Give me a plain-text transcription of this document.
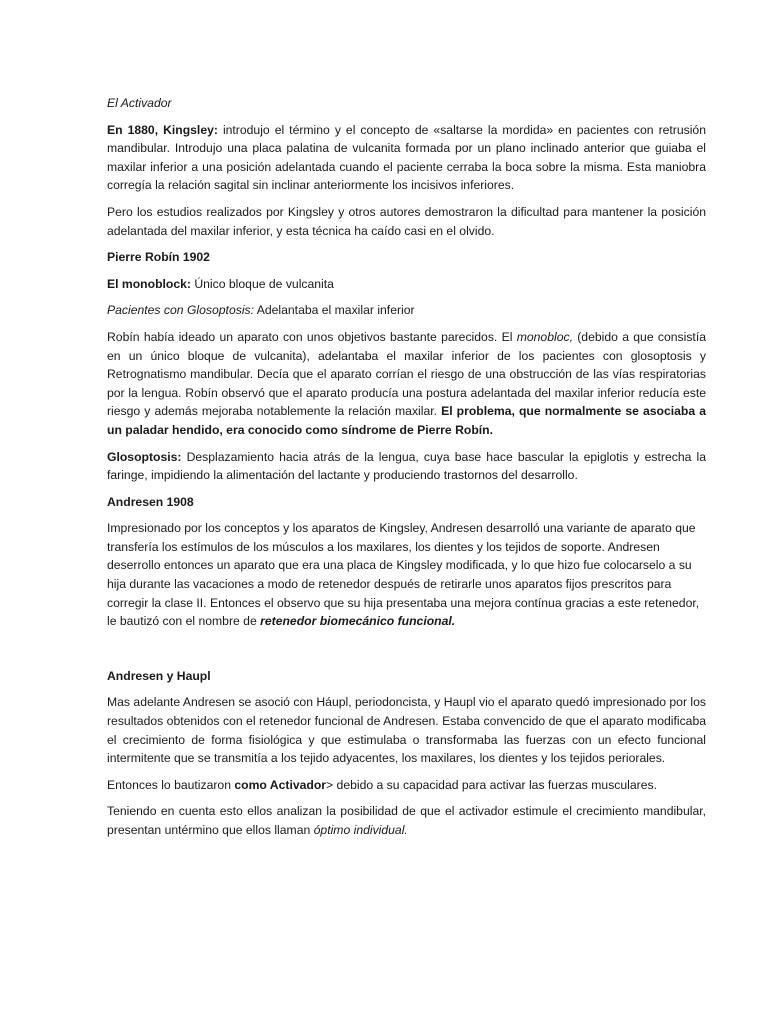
El Activador

En 1880, Kingsley: introdujo el término y el concepto de «saltarse la mordida» en pacientes con retrusión mandibular. Introdujo una placa palatina de vulcanita formada por un plano inclinado anterior que guiaba el maxilar inferior a una posición adelantada cuando el paciente cerraba la boca sobre la misma. Esta maniobra corregía la relación sagital sin inclinar anteriormente los incisivos inferiores.

Pero los estudios realizados por Kingsley y otros autores demostraron la dificultad para mantener la posición adelantada del maxilar inferior, y esta técnica ha caído casi en el olvido.

Pierre Robín 1902

El monoblock: Único bloque de vulcanita

Pacientes con Glosoptosis: Adelantaba el maxilar inferior

Robín había ideado un aparato con unos objetivos bastante parecidos. El monobloc, (debido a que consistía en un único bloque de vulcanita), adelantaba el maxilar inferior de los pacientes con glosoptosis y Retrognatismo mandibular. Decía que el aparato corrían el riesgo de una obstrucción de las vías respiratorias por la lengua. Robín observó que el aparato producía una postura adelantada del maxilar inferior reducía este riesgo y además mejoraba notablemente la relación maxilar. El problema, que normalmente se asociaba a un paladar hendido, era conocido como síndrome de Pierre Robín.

Glosoptosis: Desplazamiento hacia atrás de la lengua, cuya base hace bascular la epiglotis y estrecha la faringe, impidiendo la alimentación del lactante y produciendo trastornos del desarrollo.

Andresen 1908

Impresionado por los conceptos y los aparatos de Kingsley, Andresen desarrolló una variante de aparato que transfería los estímulos de los músculos a los maxilares, los dientes y los tejidos de soporte. Andresen deserrollo entonces un aparato que era una placa de Kingsley modificada, y lo que hizo fue colocarselo a su hija durante las vacaciones a modo de retenedor después de retirarle unos aparatos fijos prescritos para corregir la clase II. Entonces el observo que su hija presentaba una mejora contínua gracias a este retenedor, le bautizó con el nombre de retenedor biomecánico funcional.

Andresen y Haupl

Mas adelante Andresen se asoció con Háupl, periodoncista, y Haupl vio el aparato quedó impresionado por los resultados obtenidos con el retenedor funcional de Andresen. Estaba convencido de que el aparato modificaba el crecimiento de forma fisiológica y que estimulaba o transformaba las fuerzas con un efecto funcional intermitente que se transmitía a los tejido adyacentes, los maxilares, los dientes y los tejidos periorales.

Entonces lo bautizaron como Activador> debido a su capacidad para activar las fuerzas musculares.

Teniendo en cuenta esto ellos analizan la posibilidad de que el activador estimule el crecimiento mandibular, presentan untérmino que ellos llaman óptimo individual.
